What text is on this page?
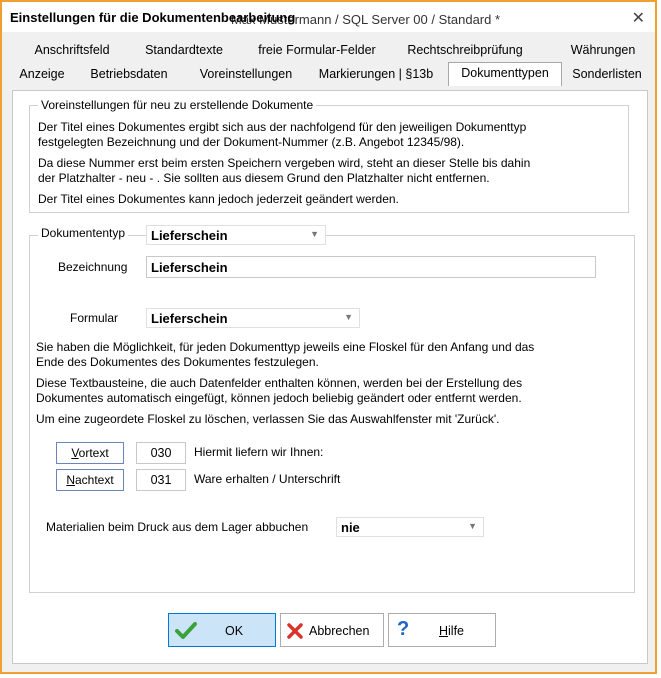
Max Mustermann / SQL Server 00 / Standard *
Einstellungen für die Dokumentenbearbeitung	✕
Anschriftsfeld	Standardtexte	freie Formular-Felder	Rechtschreibprüfung	Währungen
Anzeige	Betriebsdaten	Voreinstellungen	Markierungen | §13b	Dokumenttypen	Sonderlisten
Voreinstellungen für neu zu erstellende Dokumente
Der Titel eines Dokumentes ergibt sich aus der nachfolgend für den jeweiligen Dokumenttyp
festgelegten Bezeichnung und der Dokument-Nummer (z.B. Angebot 12345/98).
Da diese Nummer erst beim ersten Speichern vergeben wird, steht an dieser Stelle bis dahin
der Platzhalter - neu - . Sie sollten aus diesem Grund den Platzhalter nicht entfernen.
Der Titel eines Dokumentes kann jedoch jederzeit geändert werden.
Dokumententyp Lieferschein	▼
Bezeichnung Lieferschein
Formular	Lieferschein	▼
Sie haben die Möglichkeit, für jeden Dokumenttyp jeweils eine Floskel für den Anfang und das
Ende des Dokumentes des Dokumentes festzulegen.
Diese Textbausteine, die auch Datenfelder enthalten können, werden bei der Erstellung des
Dokumentes automatisch eingefügt, können jedoch beliebig geändert oder entfernt werden.
Um eine zugeordete Floskel zu löschen, verlassen Sie das Auswahlfenster mit 'Zurück'.
Vortext	030	Hiermit liefern wir Ihnen:
Nachtext	031	Ware erhalten / Unterschrift
Materialien beim Druck aus dem Lager abbuchen	nie	▼
OK	Abbrechen ? Hilfe
